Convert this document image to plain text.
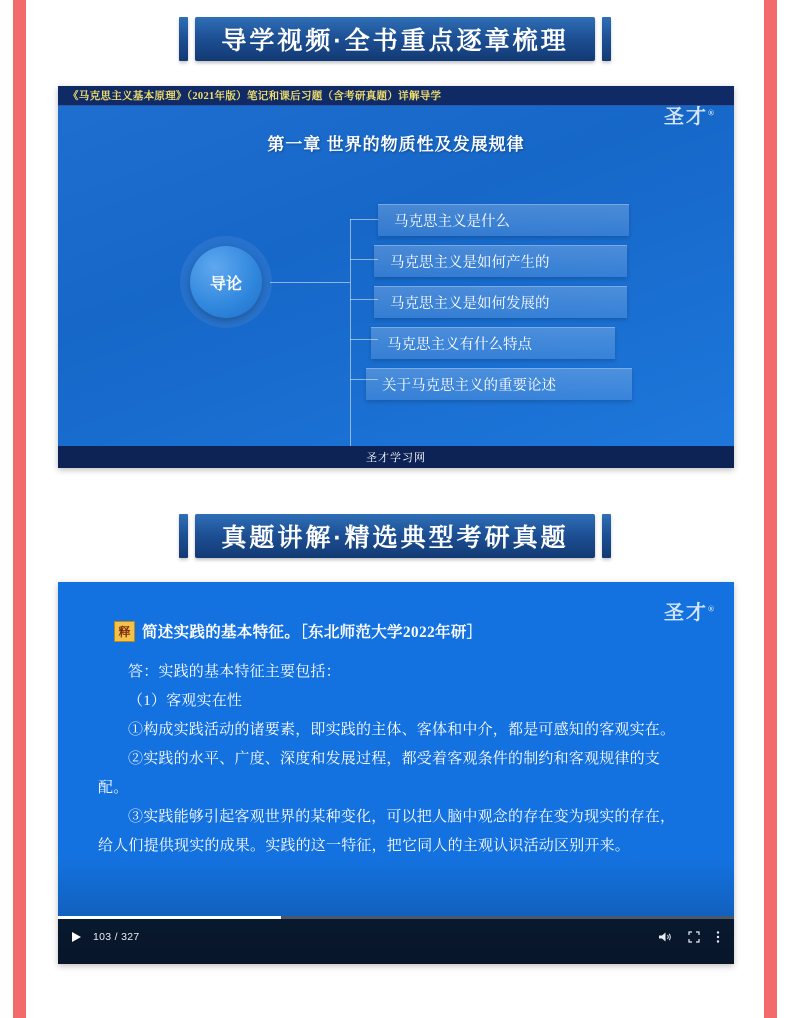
导学视频·全书重点逐章梳理
《马克思主义基本原理》（2021年版）笔记和课后习题（含考研真题）详解导学
圣才®
第一章 世界的物质性及发展规律
导论
马克思主义是什么
马克思主义是如何产生的
马克思主义是如何发展的
马克思主义有什么特点
关于马克思主义的重要论述
圣才学习网
真题讲解·精选典型考研真题
圣才®
释 简述实践的基本特征。［东北师范大学2022年研］

答：实践的基本特征主要包括：

（1）客观实在性

①构成实践活动的诸要素，即实践的主体、客体和中介，都是可感知的客观实在。

②实践的水平、广度、深度和发展过程，都受着客观条件的制约和客观规律的支配。

③实践能够引起客观世界的某种变化，可以把人脑中观念的存在变为现实的存在，给人们提供现实的成果。实践的这一特征，把它同人的主观认识活动区别开来。

103 / 327
